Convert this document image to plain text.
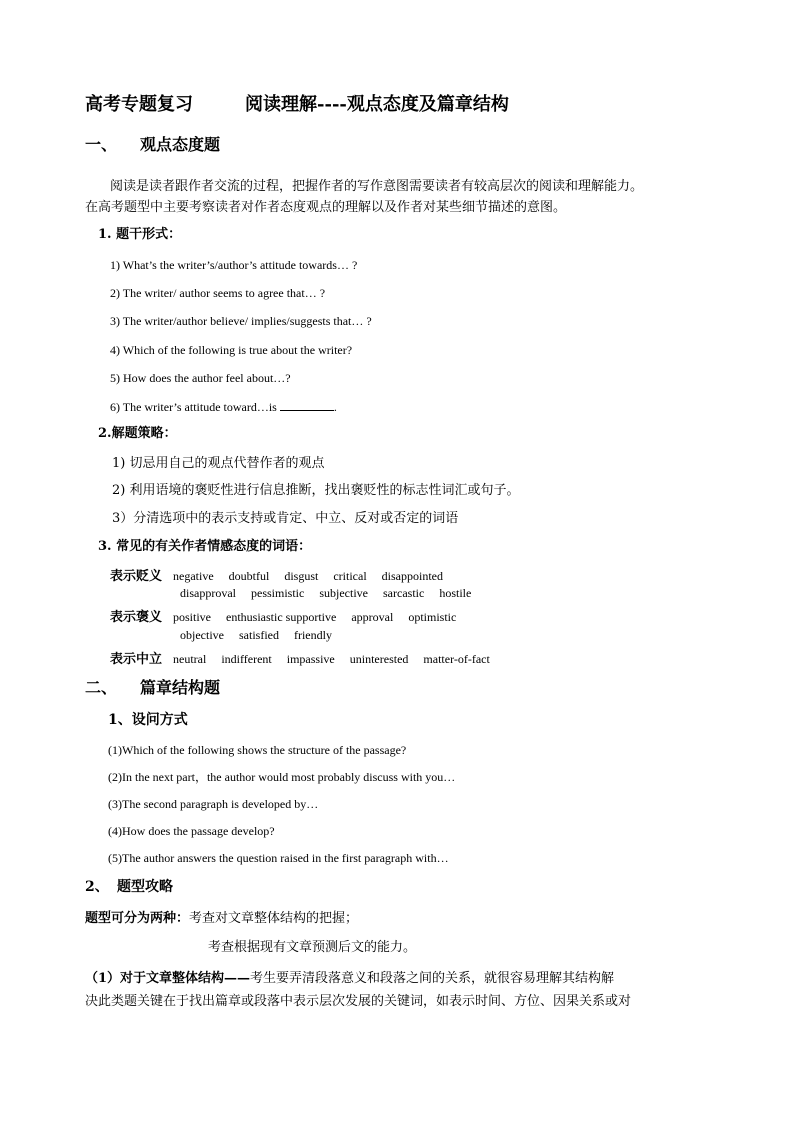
高考专题复习	阅读理解----观点态度及篇章结构
一、 观点态度题
阅读是读者跟作者交流的过程，把握作者的写作意图需要读者有较高层次的阅读和理解能力。
在高考题型中主要考察读者对作者态度观点的理解以及作者对某些细节描述的意图。
1. 题干形式：
1) What’s the writer’s/author’s attitude towards… ?
2) The writer/ author seems to agree that… ?
3) The writer/author believe/ implies/suggests that… ?
4) Which of the following is true about the writer?
5) How does the author feel about…?
6) The writer’s attitude toward…is	.
2.解题策略：
1) 切忌用自己的观点代替作者的观点
2) 利用语境的褒贬性进行信息推断，找出褒贬性的标志性词汇或句子。
3）分清选项中的表示支持或肯定、中立、反对或否定的词语
3. 常见的有关作者情感态度的词语：
表示贬义 negative doubtful disgust critical disappointed
disapproval pessimistic subjective sarcastic hostile
表示褒义 positive enthusiastic supportive approval optimistic
objective satisfied friendly
表示中立 neutral indifferent impassive uninterested matter-of-fact
二、 篇章结构题
1、设问方式
(1)Which of the following shows the structure of the passage?
(2)In the next part，the author would most probably discuss with you…
(3)The second paragraph is developed by…
(4)How does the passage develop?
(5)The author answers the question raised in the first paragraph with…
2、 题型攻略
题型可分为两种：考查对文章整体结构的把握；
考查根据现有文章预测后文的能力。
（1）对于文章整体结构——考生要弄清段落意义和段落之间的关系，就很容易理解其结构解
决此类题关键在于找出篇章或段落中表示层次发展的关键词，如表示时间、方位、因果关系或对
